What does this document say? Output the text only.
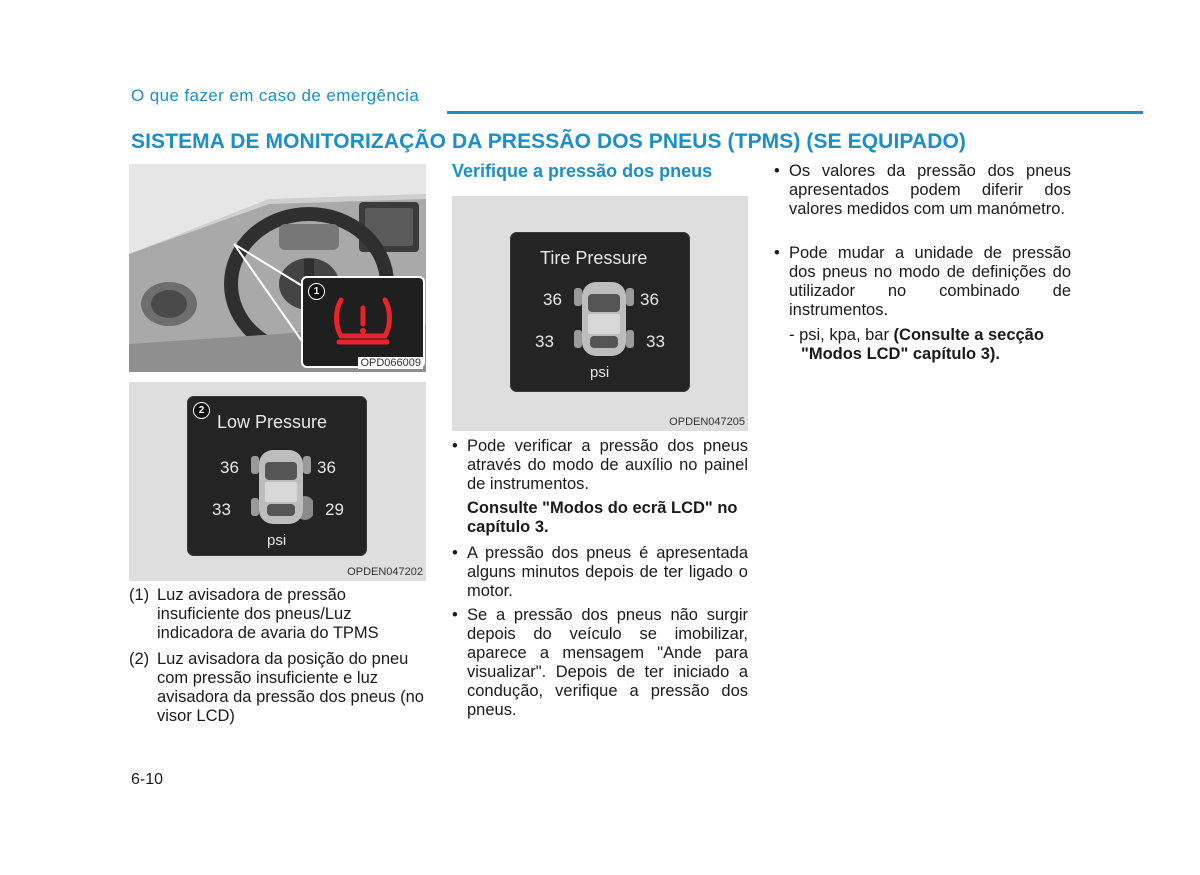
O que fazer em caso de emergência
SISTEMA DE MONITORIZAÇÃO DA PRESSÃO DOS PNEUS (TPMS) (SE EQUIPADO)
1
OPD066009
2
Low Pressure
36	36
33	29
psi
OPDEN047202
(1) Luz avisadora de pressão insuficiente dos pneus/Luz indicadora de avaria do TPMS
(2) Luz avisadora da posição do pneu com pressão insuficiente e luz avisadora da pressão dos pneus (no visor LCD)
Verifique a pressão dos pneus
Tire Pressure
36	36
33	33
psi
OPDEN047205
• Pode verificar a pressão dos pneus através do modo de auxílio no painel de instrumentos.
Consulte "Modos do ecrã LCD" no capítulo 3.
• A pressão dos pneus é apresentada alguns minutos depois de ter ligado o motor.
• Se a pressão dos pneus não surgir depois do veículo se imobilizar, aparece a mensagem "Ande para visualizar". Depois de ter iniciado a condução, verifique a pressão dos pneus.
• Os valores da pressão dos pneus apresentados podem diferir dos valores medidos com um manómetro.
• Pode mudar a unidade de pressão dos pneus no modo de definições do utilizador no combinado de instrumentos.
- psi, kpa, bar (Consulte a secção "Modos LCD" capítulo 3).
6-10
